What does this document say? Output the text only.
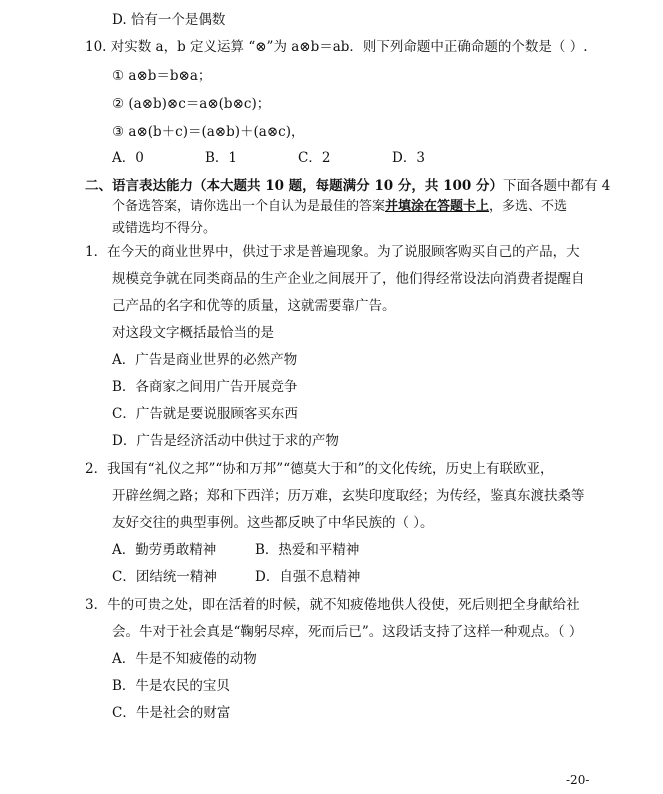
D. 恰有一个是偶数
10. 对实数 a，b 定义运算 “⊗”为 a⊗b＝ab．则下列命题中正确命题的个数是（ ）.
① a⊗b＝b⊗a；
② (a⊗b)⊗c＝a⊗(b⊗c)；
③ a⊗(b＋c)＝(a⊗b)＋(a⊗c)，
A．0	B．1	C．2	D．3
二、语言表达能力（本大题共 10 题，每题满分 10 分，共 100 分）下面各题中都有 4
个备选答案，请你选出一个自认为是最佳的答案并填涂在答题卡上，多选、不选
或错选均不得分。
1．在今天的商业世界中，供过于求是普遍现象。为了说服顾客购买自己的产品，大
规模竞争就在同类商品的生产企业之间展开了，他们得经常设法向消费者提醒自
己产品的名字和优等的质量，这就需要靠广告。
对这段文字概括最恰当的是
A．广告是商业世界的必然产物
B．各商家之间用广告开展竞争
C．广告就是要说服顾客买东西
D．广告是经济活动中供过于求的产物
2．我国有“礼仪之邦”“协和万邦”“德莫大于和”的文化传统，历史上有联欧亚，
开辟丝绸之路；郑和下西洋；历万难，玄奘印度取经；为传经，鉴真东渡扶桑等
友好交往的典型事例。这些都反映了中华民族的（ ）。
A．勤劳勇敢精神	B．热爱和平精神
C．团结统一精神	D．自强不息精神
3．牛的可贵之处，即在活着的时候，就不知疲倦地供人役使，死后则把全身献给社
会。牛对于社会真是“鞠躬尽瘁，死而后已”。这段话支持了这样一种观点。（ ）
A．牛是不知疲倦的动物
B．牛是农民的宝贝
C．牛是社会的财富
-20-
